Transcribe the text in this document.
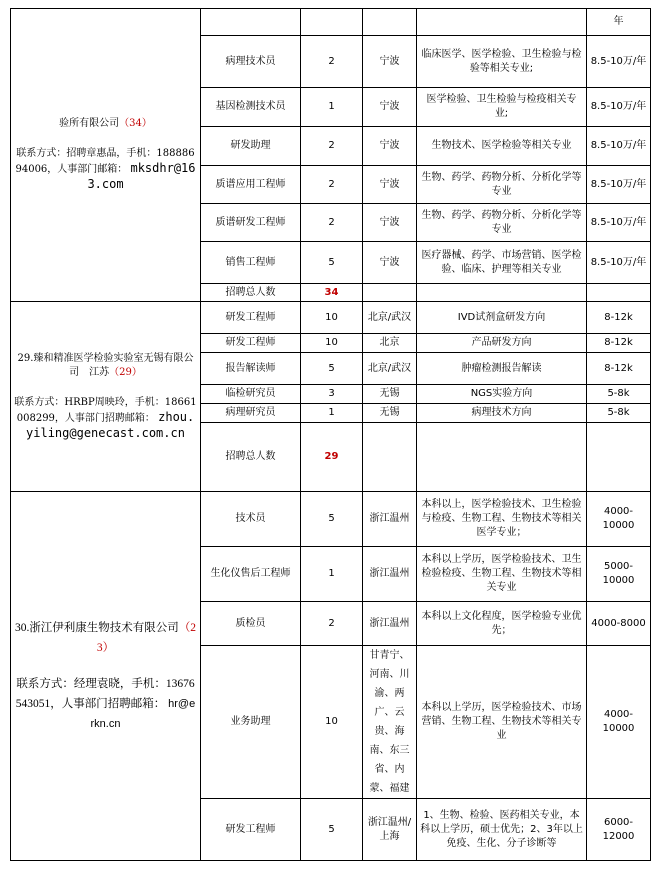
验所有限公司（34）
联系方式：招聘章惠晶，手机：18888694006，人事部门邮箱： mksdhr@163.com					年
	病理技术员	2	宁波	临床医学、医学检验、卫生检验与检验等相关专业;	8.5-10万/年
	基因检测技术员	1	宁波	医学检验、卫生检验与检疫相关专业;	8.5-10万/年
	研发助理	2	宁波	生物技术、医学检验等相关专业	8.5-10万/年
	质谱应用工程师	2	宁波	生物、药学、药物分析、分析化学等专业	8.5-10万/年
	质谱研发工程师	2	宁波	生物、药学、药物分析、分析化学等专业	8.5-10万/年
	销售工程师	5	宁波	医疗器械、药学、市场营销、医学检验、临床、护理等相关专业	8.5-10万/年
	招聘总人数	34			
29.臻和精准医学检验实验室无锡有限公司　江苏（29）
联系方式：HRBP周映玲，手机：18661008299，人事部门招聘邮箱： zhou.yiling@genecast.com.cn	研发工程师	10	北京/武汉	IVD试剂盒研发方向	8-12k
	研发工程师	10	北京	产品研发方向	8-12k
	报告解读师	5	北京/武汉	肿瘤检测报告解读	8-12k
	临检研究员	3	无锡	NGS实验方向	5-8k
	病理研究员	1	无锡	病理技术方向	5-8k
	招聘总人数	29			
30.浙江伊利康生物技术有限公司（23）
联系方式：经理袁晓，手机：13676543051，人事部门招聘邮箱： hr@erkn.cn	技术员	5	浙江温州	本科以上，医学检验技术、卫生检验与检疫、生物工程、生物技术等相关医学专业；	4000-10000
	生化仪售后工程师	1	浙江温州	本科以上学历，医学检验技术、卫生检验检疫、生物工程、生物技术等相关专业	5000-10000
	质检员	2	浙江温州	本科以上文化程度，医学检验专业优先；	4000-8000
	业务助理	10	甘青宁、河南、川渝、两广、云贵、海南、东三省、内蒙、福建	本科以上学历，医学检验技术、市场营销、生物工程、生物技术等相关专业	4000-10000
	研发工程师	5	浙江温州/上海	1、生物、检验、医药相关专业，本科以上学历，硕士优先；2、3年以上免疫、生化、分子诊断等	6000-12000
